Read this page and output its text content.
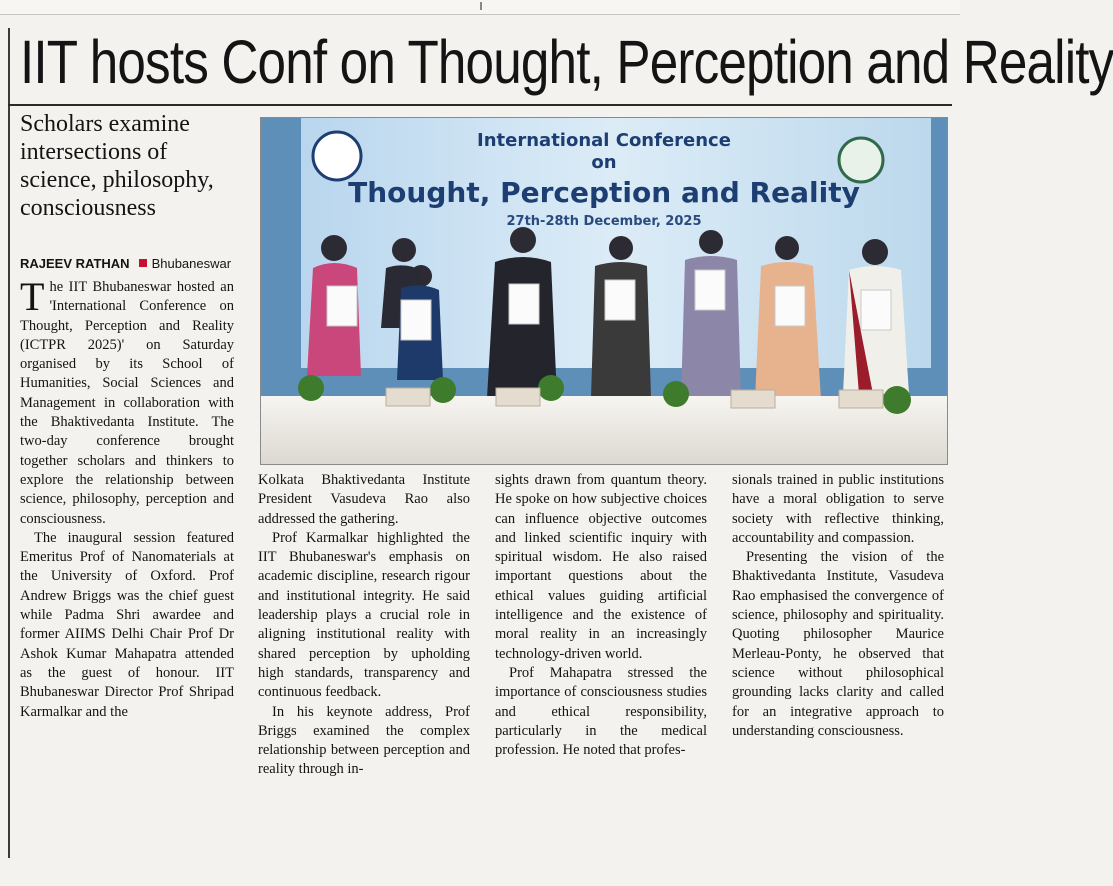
IIT hosts Conf on Thought, Perception and Reality
Scholars examine intersections of science, philosophy, consciousness
RAJEEV RATHAN Bhubaneswar

The IIT Bhubaneswar hosted an 'International Conference on Thought, Perception and Reality (ICTPR 2025)' on Saturday organised by its School of Humanities, Social Sciences and Management in collaboration with the Bhaktivedanta Institute. The two-day conference brought together scholars and thinkers to explore the relationship between science, philosophy, perception and consciousness.

The inaugural session featured Emeritus Prof of Nanomaterials at the University of Oxford. Prof Andrew Briggs was the chief guest while Padma Shri awardee and former AIIMS Delhi Chair Prof Dr Ashok Kumar Mahapatra attended as the guest of honour. IIT Bhubaneswar Director Prof Shripad Karmalkar and the

International Conference
on
Thought, Perception and Reality
27th-28th December, 2025

Kolkata Bhaktivedanta Institute President Vasudeva Rao also addressed the gathering.

Prof Karmalkar highlighted the IIT Bhubaneswar's emphasis on academic discipline, research rigour and institutional integrity. He said leadership plays a crucial role in aligning institutional reality with shared perception by upholding high standards, transparency and continuous feedback.

In his keynote address, Prof Briggs examined the complex relationship between perception and reality through in-

sights drawn from quantum theory. He spoke on how subjective choices can influence objective outcomes and linked scientific inquiry with spiritual wisdom. He also raised important questions about the ethical values guiding artificial intelligence and the existence of moral reality in an increasingly technology-driven world.

Prof Mahapatra stressed the importance of consciousness studies and ethical responsibility, particularly in the medical profession. He noted that profes-

sionals trained in public institutions have a moral obligation to serve society with reflective thinking, accountability and compassion.

Presenting the vision of the Bhaktivedanta Institute, Vasudeva Rao emphasised the convergence of science, philosophy and spirituality. Quoting philosopher Maurice Merleau-Ponty, he observed that science without philosophical grounding lacks clarity and called for an integrative approach to understanding consciousness.
